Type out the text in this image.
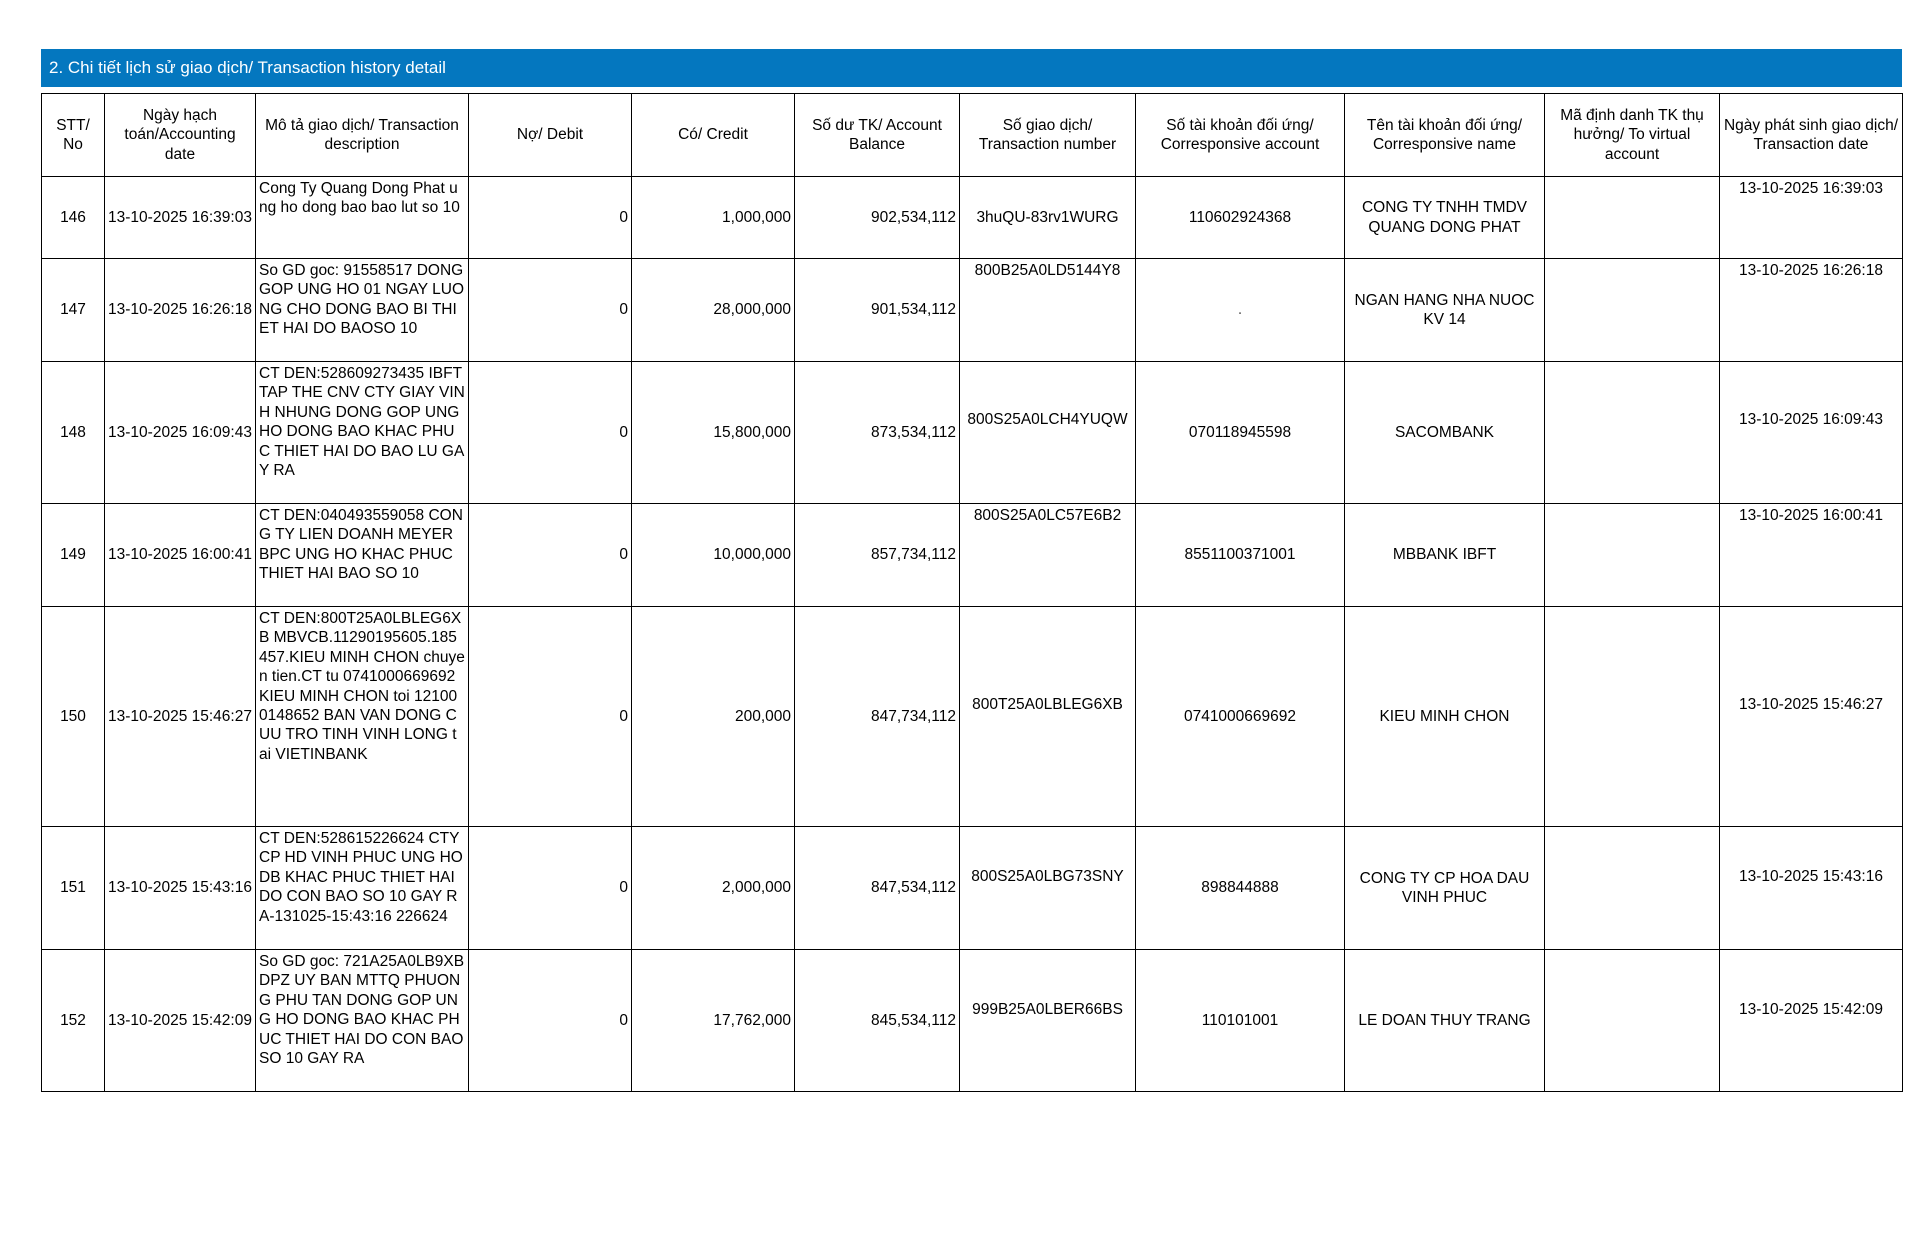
2. Chi tiết lịch sử giao dịch/ Transaction history detail
STT/ No	Ngày hạch toán/Accounting date	Mô tả giao dịch/ Transaction description	Nợ/ Debit	Có/ Credit	Số dư TK/ Account Balance	Số giao dịch/ Transaction number	Số tài khoản đối ứng/ Corresponsive account	Tên tài khoản đối ứng/ Corresponsive name	Mã định danh TK thụ hưởng/ To virtual account	Ngày phát sinh giao dịch/ Transaction date
146	13-10-2025 16:39:03	Cong Ty Quang Dong Phat ung ho dong bao bao lut so 10	0	1,000,000	902,534,112	3huQU-83rv1WURG	110602924368	CONG TY TNHH TMDV QUANG DONG PHAT		13-10-2025 16:39:03
147	13-10-2025 16:26:18	So GD goc: 91558517 DONG GOP UNG HO 01 NGAY LUONG CHO DONG BAO BI THIET HAI DO BAOSO 10	0	28,000,000	901,534,112	800B25A0LD5144Y8	.	NGAN HANG NHA NUOC KV 14		13-10-2025 16:26:18
148	13-10-2025 16:09:43	CT DEN:528609273435 IBFT TAP THE CNV CTY GIAY VINH NHUNG DONG GOP UNG HO DONG BAO KHAC PHUC THIET HAI DO BAO LU GAY RA	0	15,800,000	873,534,112	800S25A0LCH4YUQW	070118945598	SACOMBANK		13-10-2025 16:09:43
149	13-10-2025 16:00:41	CT DEN:040493559058 CONG TY LIEN DOANH MEYER BPC UNG HO KHAC PHUC THIET HAI BAO SO 10	0	10,000,000	857,734,112	800S25A0LC57E6B2	8551100371001	MBBANK IBFT		13-10-2025 16:00:41
150	13-10-2025 15:46:27	CT DEN:800T25A0LBLEG6XB MBVCB.11290195605.185457.KIEU MINH CHON chuyen tien.CT tu 0741000669692 KIEU MINH CHON toi 121000148652 BAN VAN DONG CUU TRO TINH VINH LONG tai VIETINBANK	0	200,000	847,734,112	800T25A0LBLEG6XB	0741000669692	KIEU MINH CHON		13-10-2025 15:46:27
151	13-10-2025 15:43:16	CT DEN:528615226624 CTY CP HD VINH PHUC UNG HO DB KHAC PHUC THIET HAI DO CON BAO SO 10 GAY RA-131025-15:43:16 226624	0	2,000,000	847,534,112	800S25A0LBG73SNY	898844888	CONG TY CP HOA DAU VINH PHUC		13-10-2025 15:43:16
152	13-10-2025 15:42:09	So GD goc: 721A25A0LB9XBDPZ UY BAN MTTQ PHUONG PHU TAN DONG GOP UNG HO DONG BAO KHAC PHUC THIET HAI DO CON BAO SO 10 GAY RA	0	17,762,000	845,534,112	999B25A0LBER66BS	110101001	LE DOAN THUY TRANG		13-10-2025 15:42:09
